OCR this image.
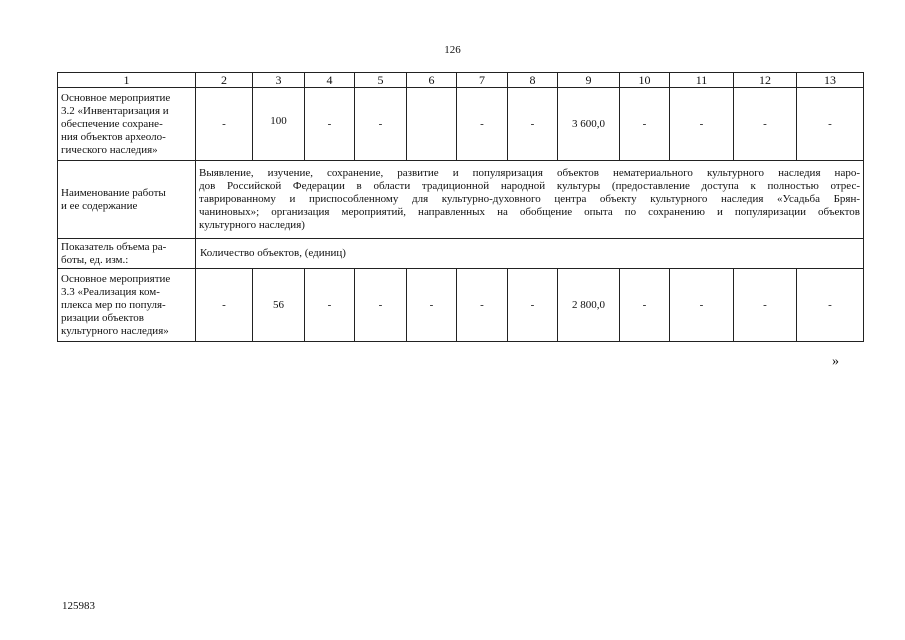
126
1	2	3	4	5	6	7	8	9	10	11	12	13

Основное мероприятие
3.2 «Инвентаризация и
обеспечение сохране-
ния объектов археоло-
гического наследия»	-	100	-	-		-	-	3 600,0	-	-	-	-

Наименование работы
и ее содержание	Выявление, изучение, сохранение, развитие и популяризация объектов нематериального культурного наследия наро-
дов Российской Федерации в области традиционной народной культуры (предоставление доступа к полностью отрес-
таврированному и приспособленному для культурно-духовного центра объекту культурного наследия «Усадьба Брян-
чаниновых»; организация мероприятий, направленных на обобщение опыта по сохранению и популяризации объектов
культурного наследия)											

Показатель объема ра-
боты, ед. изм.:	Количество объектов, (единиц)											

Основное мероприятие
3.3 «Реализация ком-
плекса мер по популя-
ризации объектов
культурного наследия»	-	56	-	-	-	-	-	2 800,0	-	-	-	-
»
125983
